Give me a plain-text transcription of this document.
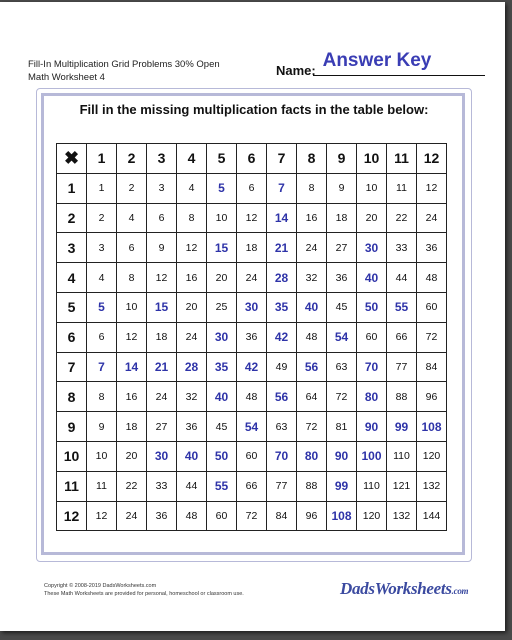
Fill-In Multiplication Grid Problems 30% Open
Math Worksheet 4	Name: Answer Key
Fill in the missing multiplication facts in the table below:
✖	1	2	3	4	5	6	7	8	9	10	11	12
1	1	2	3	4	5	6	7	8	9	10	11	12
2	2	4	6	8	10	12	14	16	18	20	22	24
3	3	6	9	12	15	18	21	24	27	30	33	36
4	4	8	12	16	20	24	28	32	36	40	44	48
5	5	10	15	20	25	30	35	40	45	50	55	60
6	6	12	18	24	30	36	42	48	54	60	66	72
7	7	14	21	28	35	42	49	56	63	70	77	84
8	8	16	24	32	40	48	56	64	72	80	88	96
9	9	18	27	36	45	54	63	72	81	90	99	108
10	10	20	30	40	50	60	70	80	90	100	110	120
11	11	22	33	44	55	66	77	88	99	110	121	132
12	12	24	36	48	60	72	84	96	108	120	132	144
Copyright © 2008-2019 DadsWorksheets.com
These Math Worksheets are provided for personal, homeschool or classroom use.	DadsWorksheets.com
